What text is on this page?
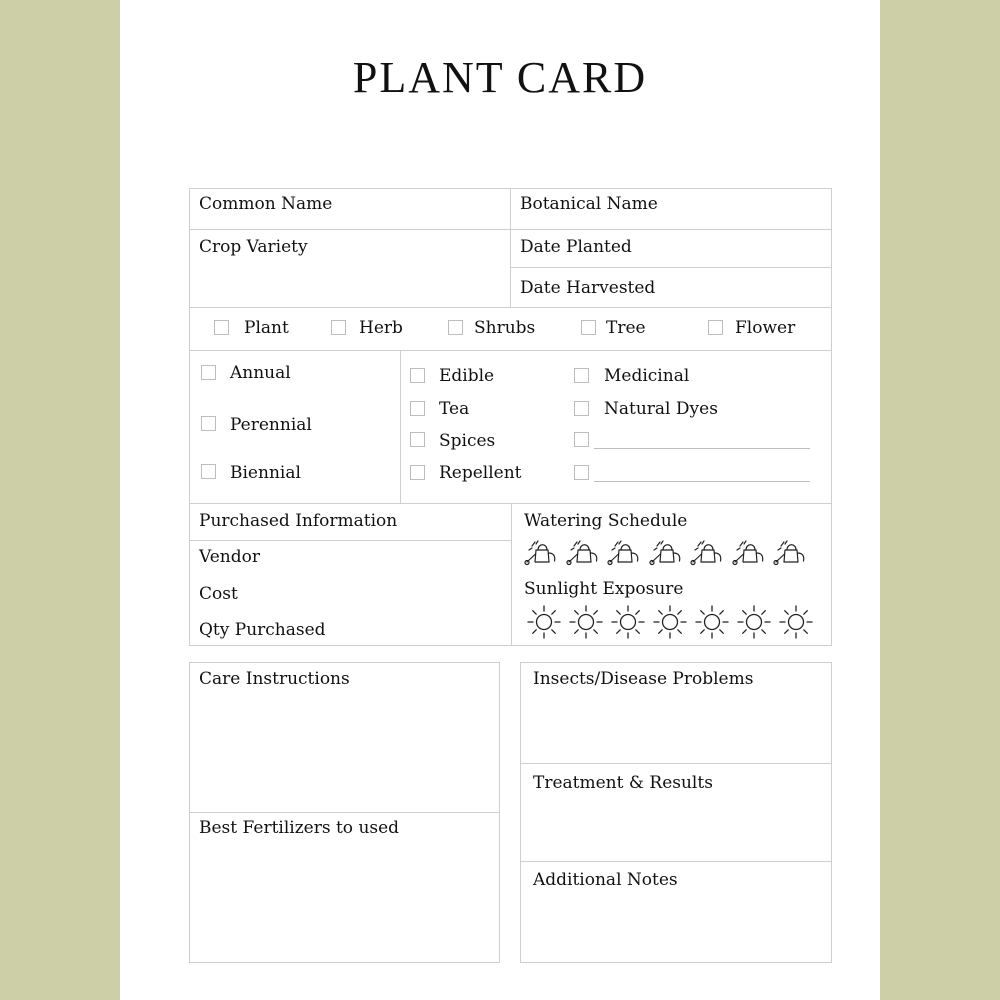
PLANT CARD
Common Name	Botanical Name
Crop Variety	Date Planted
Date Harvested
Plant	Herb	Shrubs	Tree	Flower
Annual
Perennial
Biennial
Edible	Medicinal
Tea	Natural Dyes
Spices
Repellent
Purchased Information
Vendor
Cost
Qty Purchased
Watering Schedule
Sunlight Exposure
Care Instructions
Best Fertilizers to used
Insects/Disease Problems
Treatment & Results
Additional Notes
